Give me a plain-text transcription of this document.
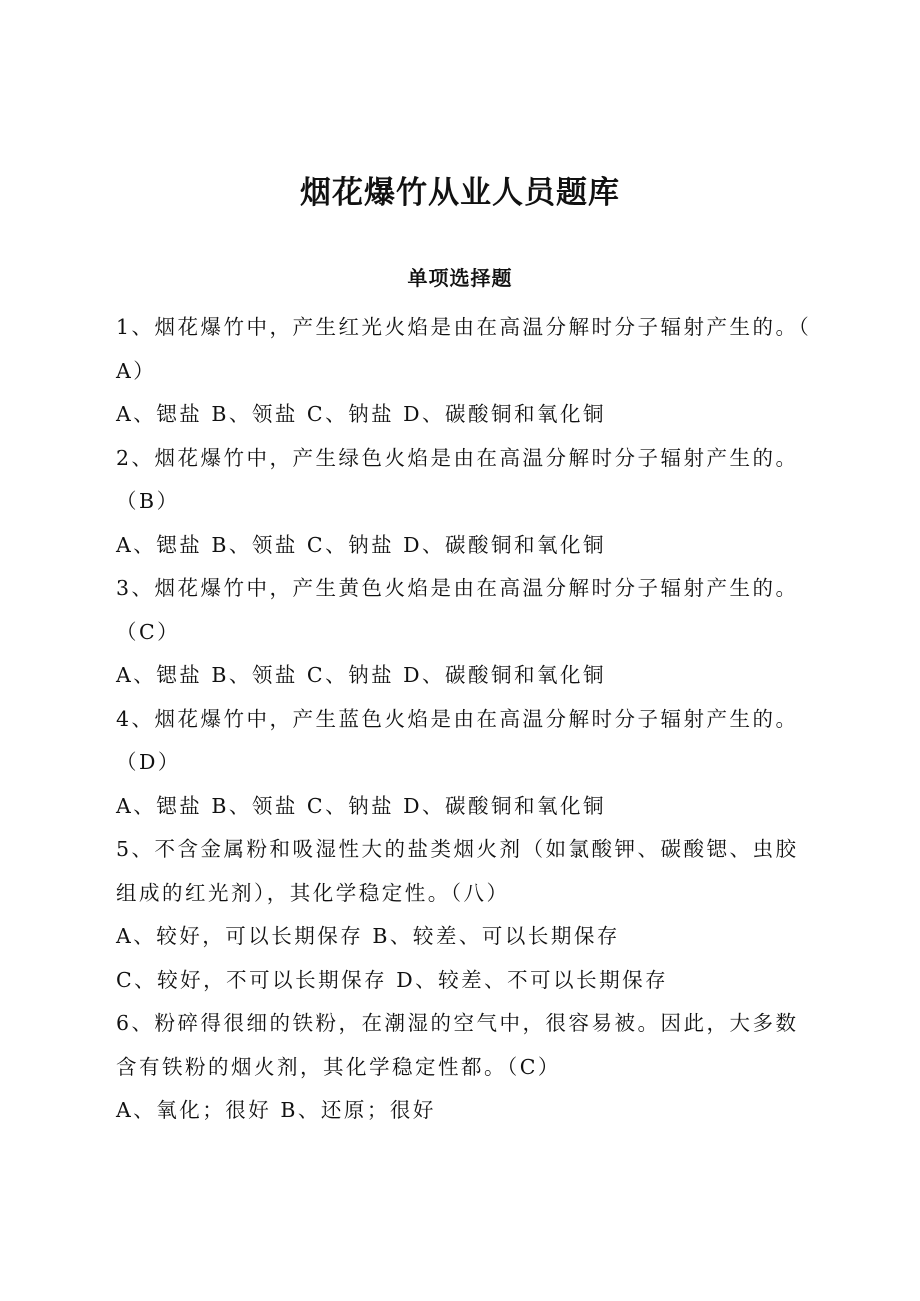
烟花爆竹从业人员题库
单项选择题
1、烟花爆竹中，产生红光火焰是由在高温分解时分子辐射产生的。（
A）
A、锶盐 B、领盐 C、钠盐 D、碳酸铜和氧化铜
2、烟花爆竹中，产生绿色火焰是由在高温分解时分子辐射产生的。
（B）
A、锶盐 B、领盐 C、钠盐 D、碳酸铜和氧化铜
3、烟花爆竹中，产生黄色火焰是由在高温分解时分子辐射产生的。
（C）
A、锶盐 B、领盐 C、钠盐 D、碳酸铜和氧化铜
4、烟花爆竹中，产生蓝色火焰是由在高温分解时分子辐射产生的。
（D）
A、锶盐 B、领盐 C、钠盐 D、碳酸铜和氧化铜
5、不含金属粉和吸湿性大的盐类烟火剂（如氯酸钾、碳酸锶、虫胶
组成的红光剂），其化学稳定性。（八）
A、较好，可以长期保存 B、较差、可以长期保存
C、较好，不可以长期保存 D、较差、不可以长期保存
6、粉碎得很细的铁粉，在潮湿的空气中，很容易被。因此，大多数
含有铁粉的烟火剂，其化学稳定性都。（C）
A、氧化；很好 B、还原；很好
